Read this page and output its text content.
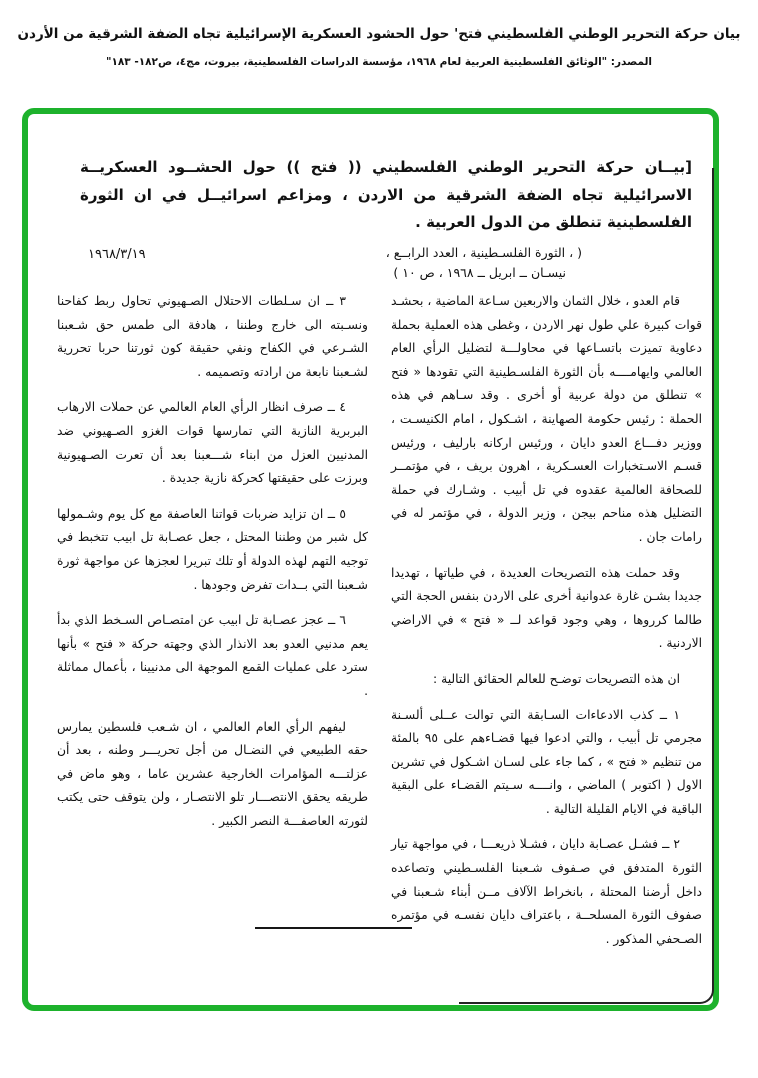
بيان حركة التحرير الوطني الفلسطيني فتح' حول الحشود العسكرية الإسرائيلية تجاه الضفة الشرقية من الأردن
المصدر: "الوثائق الفلسطينية العربية لعام ١٩٦٨، مؤسسة الدراسات الفلسطينية، بيروت، مج٤، ص١٨٢- ١٨٣"
[بيــان حركة التحرير الوطني الفلسطيني (( فتح )) حول الحشــود العسكريــة
الاسرائيلية تجاه الضفة الشرقية من الاردن ، ومزاعم اسرائيــل في ان الثورة
الفلسطينية تنطلق من الدول العربية .
١٩٦٨/٣/١٩	( ، الثورة الفلسـطينية ، العدد الرابــع ،
نيسـان ــ ابريل ــ ١٩٦٨ ، ص ١٠ )

قام العدو ، خلال الثمان والاربعين سـاعة الماضية ، بحشـد قوات كبيرة علي طول نهر الاردن ، وغطى هذه العملية بحملة دعاوية تميزت باتسـاعها في محاولـــة لتضليل الرأي العام العالمي وايهامــــه بأن الثورة الفلسـطينية التي تقودها « فتح » تنطلق من دولة عربية أو أخرى . وقد سـاهم في هذه الحملة : رئيس حكومة الصهاينة ، اشـكول ، امام الكنيسـت ، ووزير دفـــاع العدو دايان ، ورئيس اركانه بارليف ، ورئيس قسـم الاسـتخبارات العسـكرية ، اهرون بريف ، في مؤتمــر للصحافة العالمية عقدوه في تل أبيب . وشـارك في حملة التضليل هذه مناحم بيجن ، وزير الدولة ، في مؤتمر له في رامات جان .

وقد حملت هذه التصريحات العديدة ، في طياتها ، تهديدا جديدا بشـن غارة عدوانية أخرى على الاردن بنفس الحجة التي طالما كرروها ، وهي وجود قواعد لــ « فتح » في الاراضي الاردنية .

ان هذه التصريحات توضـح للعالم الحقائق التالية :

١ ــ كذب الادعاءات السـابقة التي توالت عــلى ألسـنة مجرمي تل أبيب ، والتي ادعوا فيها قضـاءهم على ٩٥ بالمئة من تنظيم « فتح » ، كما جاء على لسـان اشـكول في تشرين الاول ( اكتوبر ) الماضي ، وانــــه سـيتم القضـاء على البقية الباقية في الايام القليلة التالية .

٢ ــ فشـل عصـابة دايان ، فشـلا ذريعـــا ، في مواجهة تيار الثورة المتدفق في صـفوف شـعبنا الفلسـطيني وتصاعده داخل أرضنا المحتلة ، بانخراط الآلاف مــن أبناء شـعبنا في صفوف الثورة المسلحــة ، باعتراف دايان نفسـه في مؤتمره الصـحفي المذكور .

٣ ــ ان سـلطات الاحتلال الصـهيوني تحاول ربط كفاحنا ونسـبته الى خارج وطننا ، هادفة الى طمس حق شـعبنا الشـرعي في الكفاح ونفي حقيقة كون ثورتنا حربا تحررية لشـعبنا نابعة من ارادته وتصميمه .

٤ ــ صرف انظار الرأي العام العالمي عن حملات الارهاب البربرية النازية التي تمارسها قوات الغزو الصـهيوني ضد المدنيين العزل من ابناء شـــعبنا بعد أن تعرت الصـهيونية وبرزت على حقيقتها كحركة نازية جديدة .

٥ ــ ان تزايد ضربات قواتنا العاصفة مع كل يوم وشـمولها كل شبر من وطننا المحتل ، جعل عصـابة تل ابيب تتخبط في توجيه التهم لهذه الدولة أو تلك تبريرا لعجزها عن مواجهة ثورة شـعبنا التي بــدات تفرض وجودها .

٦ ــ عجز عصـابة تل ابيب عن امتصـاص السـخط الذي بدأ يعم مدنيي العدو بعد الانذار الذي وجهته حركة « فتح » بأنها سترد على عمليات القمع الموجهة الى مدنيينا ، بأعمال مماثلة .

ليفهم الرأي العام العالمي ، ان شـعب فلسطين يمارس حقه الطبيعي في النضـال من أجل تحريـــر وطنه ، بعد أن عزلتـــه المؤامرات الخارجية عشرين عاما ، وهو ماض في طريقه يحقق الانتصـــار تلو الانتصـار ، ولن يتوقف حتى يكتب لثورته العاصفـــة النصر الكبير .
